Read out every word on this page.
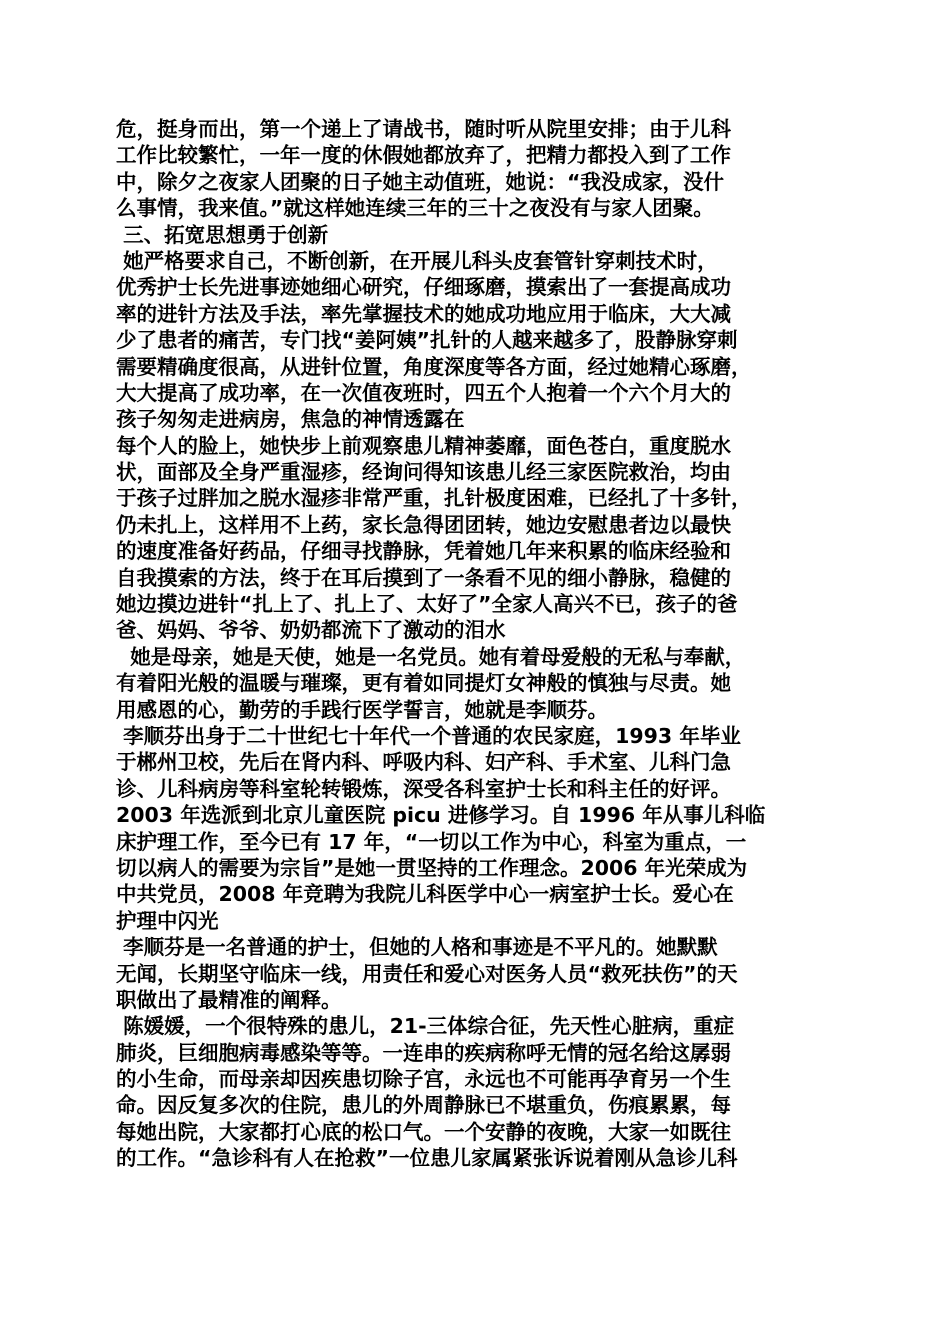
危，挺身而出，第一个递上了请战书，随时听从院里安排；由于儿科
工作比较繁忙，一年一度的休假她都放弃了，把精力都投入到了工作
中，除夕之夜家人团聚的日子她主动值班，她说：“我没成家，没什
么事情，我来值。”就这样她连续三年的三十之夜没有与家人团聚。
三、拓宽思想勇于创新
她严格要求自己，不断创新，在开展儿科头皮套管针穿刺技术时，
优秀护士长先进事迹她细心研究，仔细琢磨，摸索出了一套提高成功
率的进针方法及手法，率先掌握技术的她成功地应用于临床，大大减
少了患者的痛苦，专门找“姜阿姨”扎针的人越来越多了，股静脉穿刺
需要精确度很高，从进针位置，角度深度等各方面，经过她精心琢磨，
大大提高了成功率，在一次值夜班时，四五个人抱着一个六个月大的
孩子匆匆走进病房，焦急的神情透露在
每个人的脸上，她快步上前观察患儿精神萎靡，面色苍白，重度脱水
状，面部及全身严重湿疹，经询问得知该患儿经三家医院救治，均由
于孩子过胖加之脱水湿疹非常严重，扎针极度困难，已经扎了十多针，
仍未扎上，这样用不上药，家长急得团团转，她边安慰患者边以最快
的速度准备好药品，仔细寻找静脉，凭着她几年来积累的临床经验和
自我摸索的方法，终于在耳后摸到了一条看不见的细小静脉，稳健的
她边摸边进针“扎上了、扎上了、太好了”全家人高兴不已，孩子的爸
爸、妈妈、爷爷、奶奶都流下了激动的泪水
她是母亲，她是天使，她是一名党员。她有着母爱般的无私与奉献，
有着阳光般的温暖与璀璨，更有着如同提灯女神般的慎独与尽责。她
用感恩的心，勤劳的手践行医学誓言，她就是李顺芬。
李顺芬出身于二十世纪七十年代一个普通的农民家庭，1993 年毕业
于郴州卫校，先后在肾内科、呼吸内科、妇产科、手术室、儿科门急
诊、儿科病房等科室轮转锻炼，深受各科室护士长和科主任的好评。
2003 年选派到北京儿童医院 picu 进修学习。自 1996 年从事儿科临
床护理工作，至今已有 17 年，“一切以工作为中心，科室为重点，一
切以病人的需要为宗旨”是她一贯坚持的工作理念。2006 年光荣成为
中共党员，2008 年竞聘为我院儿科医学中心一病室护士长。爱心在
护理中闪光
李顺芬是一名普通的护士，但她的人格和事迹是不平凡的。她默默
无闻，长期坚守临床一线，用责任和爱心对医务人员“救死扶伤”的天
职做出了最精准的阐释。
陈媛媛，一个很特殊的患儿，21-三体综合征，先天性心脏病，重症
肺炎，巨细胞病毒感染等等。一连串的疾病称呼无情的冠名给这孱弱
的小生命，而母亲却因疾患切除子宫，永远也不可能再孕育另一个生
命。因反复多次的住院，患儿的外周静脉已不堪重负，伤痕累累，每
每她出院，大家都打心底的松口气。一个安静的夜晚，大家一如既往
的工作。“急诊科有人在抢救”一位患儿家属紧张诉说着刚从急诊儿科
